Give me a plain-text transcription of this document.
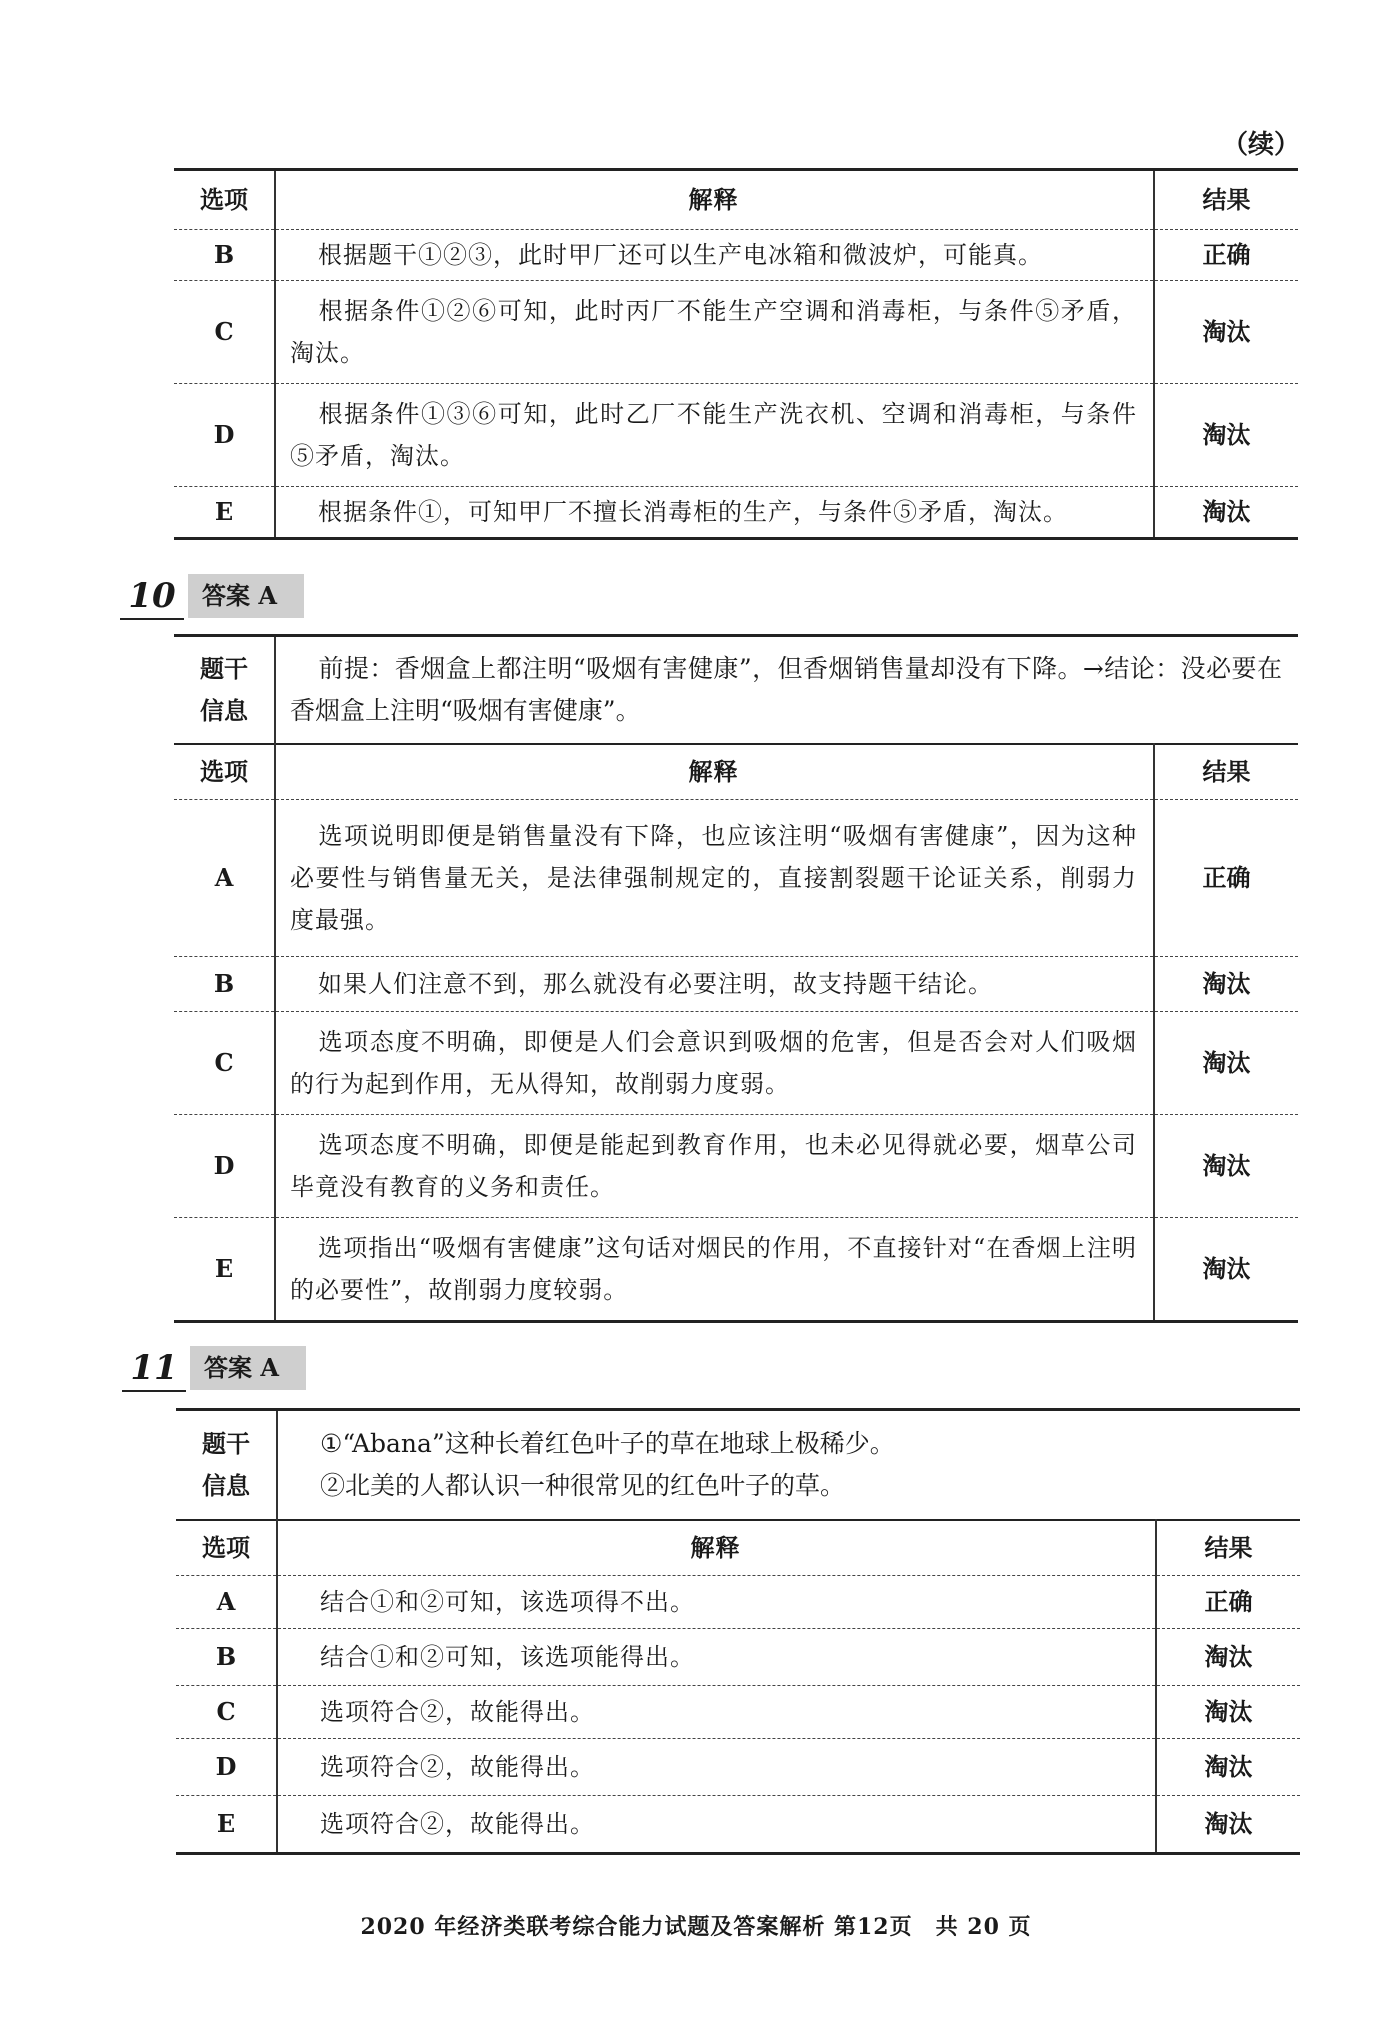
（续）
选项	解释	结果
B	根据题干①②③，此时甲厂还可以生产电冰箱和微波炉，可能真。	正确
C	根据条件①②⑥可知，此时丙厂不能生产空调和消毒柜，与条件⑤矛盾，淘汰。	淘汰
D	根据条件①③⑥可知，此时乙厂不能生产洗衣机、空调和消毒柜，与条件⑤矛盾，淘汰。	淘汰
E	根据条件①，可知甲厂不擅长消毒柜的生产，与条件⑤矛盾，淘汰。	淘汰
10	答案 A
题干
信息	前提：香烟盒上都注明“吸烟有害健康”，但香烟销售量却没有下降。→结论：没必要在香烟盒上注明“吸烟有害健康”。	
选项	解释	结果
A	选项说明即便是销售量没有下降，也应该注明“吸烟有害健康”，因为这种必要性与销售量无关，是法律强制规定的，直接割裂题干论证关系，削弱力度最强。	正确
B	如果人们注意不到，那么就没有必要注明，故支持题干结论。	淘汰
C	选项态度不明确，即便是人们会意识到吸烟的危害，但是否会对人们吸烟的行为起到作用，无从得知，故削弱力度弱。	淘汰
D	选项态度不明确，即便是能起到教育作用，也未必见得就必要，烟草公司毕竟没有教育的义务和责任。	淘汰
E	选项指出“吸烟有害健康”这句话对烟民的作用，不直接针对“在香烟上注明的必要性”，故削弱力度较弱。	淘汰
11	答案 A
题干
信息	①“Abana”这种长着红色叶子的草在地球上极稀少。
②北美的人都认识一种很常见的红色叶子的草。	
选项	解释	结果
A	结合①和②可知，该选项得不出。	正确
B	结合①和②可知，该选项能得出。	淘汰
C	选项符合②，故能得出。	淘汰
D	选项符合②，故能得出。	淘汰
E	选项符合②，故能得出。	淘汰
2020 年经济类联考综合能力试题及答案解析 第12页　共 20 页
